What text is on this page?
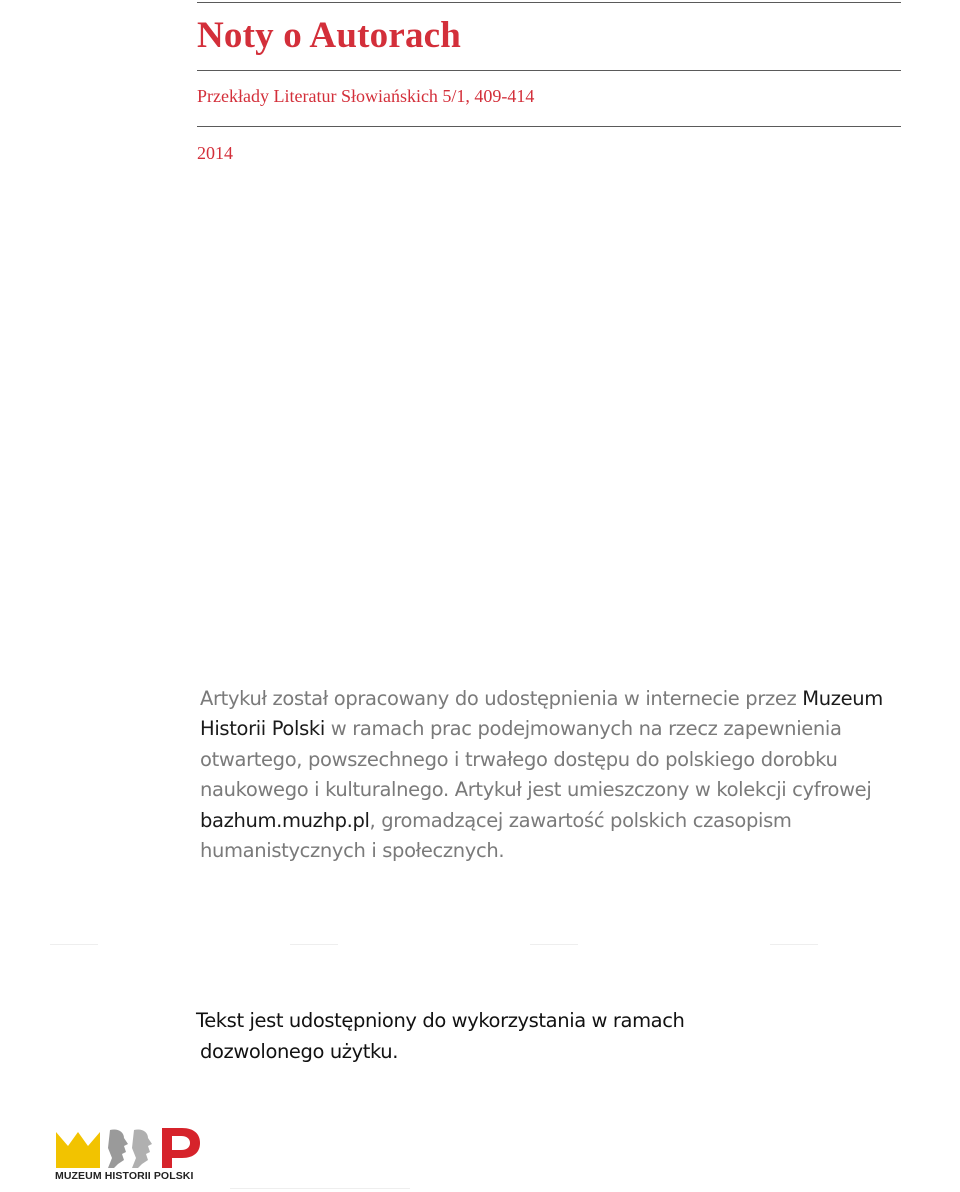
Noty o Autorach
Przekłady Literatur Słowiańskich 5/1, 409-414
2014

Artykuł został opracowany do udostępnienia w internecie przez Muzeum Historii Polski w ramach prac podejmowanych na rzecz zapewnienia otwartego, powszechnego i trwałego dostępu do polskiego dorobku naukowego i kulturalnego. Artykuł jest umieszczony w kolekcji cyfrowej bazhum.muzhp.pl, gromadzącej zawartość polskich czasopism humanistycznych i społecznych.

Tekst jest udostępniony do wykorzystania w ramach
dozwolonego użytku.
MUZEUM HISTORII POLSKI
